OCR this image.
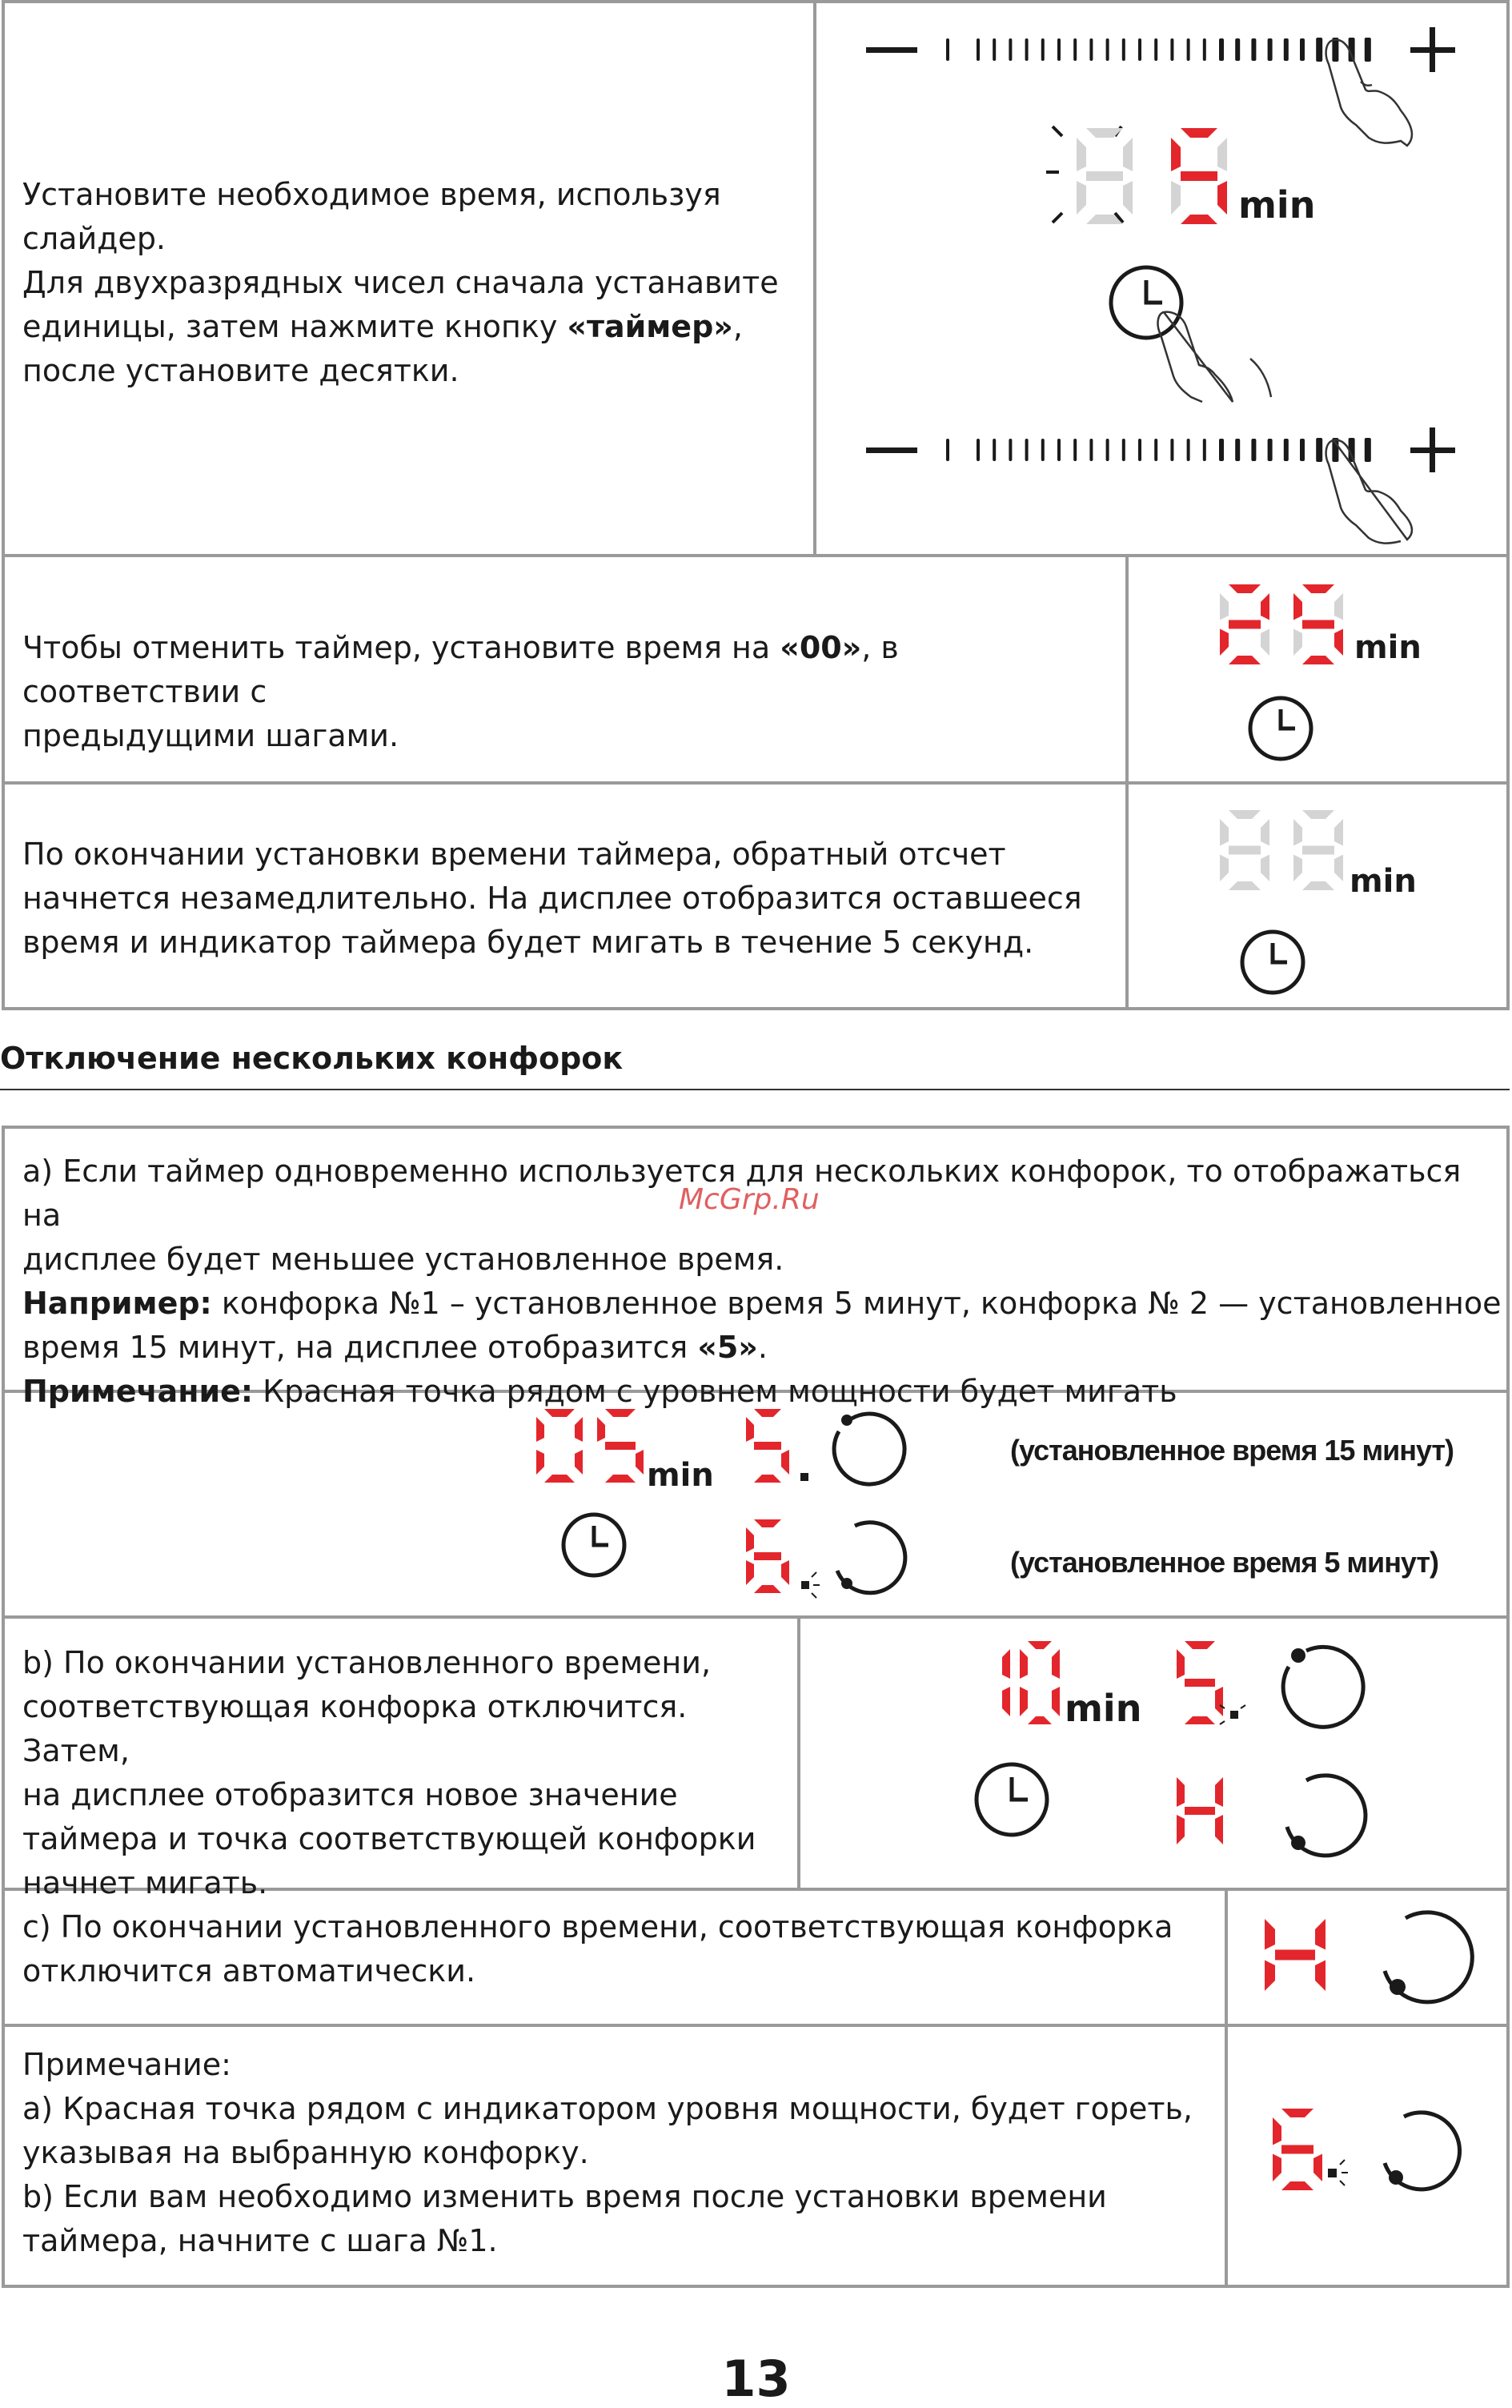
Установите необходимое время, используя
слайдер.
Для двухразрядных чисел сначала устанавите
единицы, затем нажмите кнопку «таймер»,
после установите десятки.
Чтобы отменить таймер, установите время на «00», в соответствии с
предыдущими шагами.
По окончании установки времени таймера, обратный отсчет
начнется незамедлительно. На дисплее отобразится оставшееся
время и индикатор таймера будет мигать в течение 5 секунд.
min
min
min
Отключение нескольких конфорок
a) Если таймер одновременно используется для нескольких конфорок, то отображаться на
дисплее будет меньшее установленное время.
Например: конфорка №1 – установленное время 5 минут, конфорка № 2 — установленное
время 15 минут, на дисплее отобразится «5».
Примечание: Красная точка рядом с уровнем мощности будет мигать
b) По окончании установленного времени,
соответствующая конфорка отключится. Затем,
на дисплее отобразится новое значение
таймера и точка соответствующей конфорки
начнет мигать.
c) По окончании установленного времени, соответствующая конфорка
отключится автоматически.
Примечание:
a) Красная точка рядом с индикатором уровня мощности, будет гореть,
указывая на выбранную конфорку.
b) Если вам необходимо изменить время после установки времени
таймера, начните с шага №1.
McGrp.Ru
min
(установленное время 15 минут)
(установленное время 5 минут)
min
13
